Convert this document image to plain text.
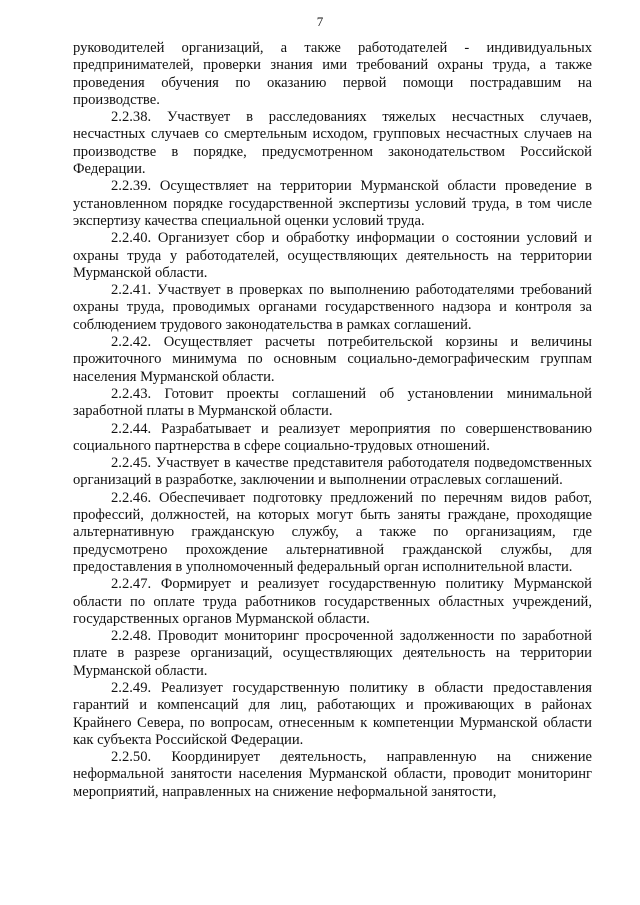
7

руководителей организаций, а также работодателей - индивидуальных предпринимателей, проверки знания ими требований охраны труда, а также проведения обучения по оказанию первой помощи пострадавшим на производстве.

2.2.38. Участвует в расследованиях тяжелых несчастных случаев, несчастных случаев со смертельным исходом, групповых несчастных случаев на производстве в порядке, предусмотренном законодательством Российской Федерации.

2.2.39. Осуществляет на территории Мурманской области проведение в установленном порядке государственной экспертизы условий труда, в том числе экспертизу качества специальной оценки условий труда.

2.2.40. Организует сбор и обработку информации о состоянии условий и охраны труда у работодателей, осуществляющих деятельность на территории Мурманской области.

2.2.41. Участвует в проверках по выполнению работодателями требований охраны труда, проводимых органами государственного надзора и контроля за соблюдением трудового законодательства в рамках соглашений.

2.2.42. Осуществляет расчеты потребительской корзины и величины прожиточного минимума по основным социально-демографическим группам населения Мурманской области.

2.2.43. Готовит проекты соглашений об установлении минимальной заработной платы в Мурманской области.

2.2.44. Разрабатывает и реализует мероприятия по совершенствованию социального партнерства в сфере социально-трудовых отношений.

2.2.45. Участвует в качестве представителя работодателя подведомственных организаций в разработке, заключении и выполнении отраслевых соглашений.

2.2.46. Обеспечивает подготовку предложений по перечням видов работ, профессий, должностей, на которых могут быть заняты граждане, проходящие альтернативную гражданскую службу, а также по организациям, где предусмотрено прохождение альтернативной гражданской службы, для предоставления в уполномоченный федеральный орган исполнительной власти.

2.2.47. Формирует и реализует государственную политику Мурманской области по оплате труда работников государственных областных учреждений, государственных органов Мурманской области.

2.2.48. Проводит мониторинг просроченной задолженности по заработной плате в разрезе организаций, осуществляющих деятельность на территории Мурманской области.

2.2.49. Реализует государственную политику в области предоставления гарантий и компенсаций для лиц, работающих и проживающих в районах Крайнего Севера, по вопросам, отнесенным к компетенции Мурманской области как субъекта Российской Федерации.

2.2.50. Координирует деятельность, направленную на снижение неформальной занятости населения Мурманской области, проводит мониторинг мероприятий, направленных на снижение неформальной занятости,
